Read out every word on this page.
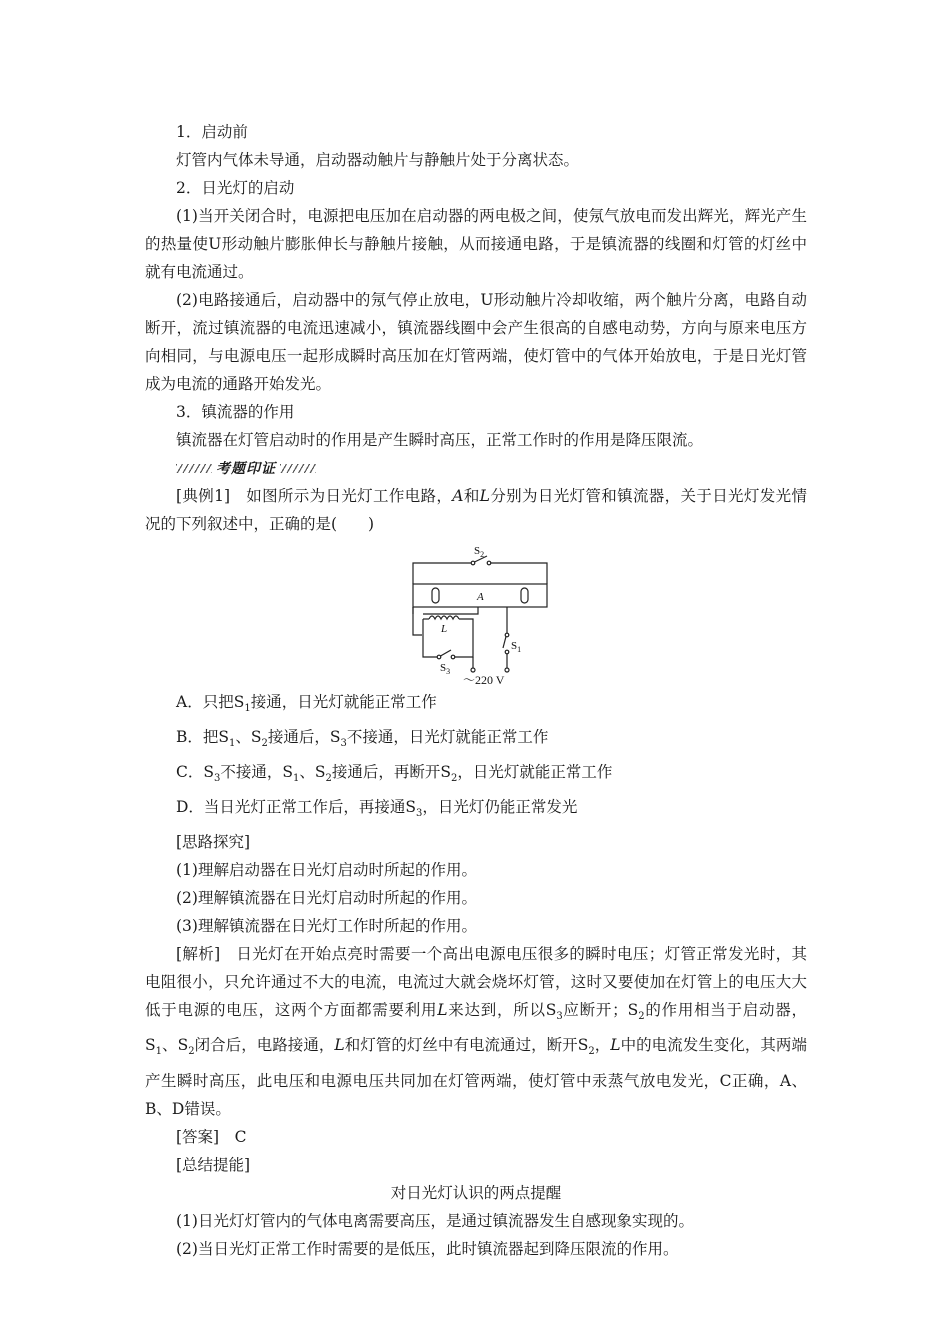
1．启动前

灯管内气体未导通，启动器动触片与静触片处于分离状态。

2．日光灯的启动

(1)当开关闭合时，电源把电压加在启动器的两电极之间，使氖气放电而发出辉光，辉光产生的热量使U形动触片膨胀伸长与静触片接触，从而接通电路，于是镇流器的线圈和灯管的灯丝中就有电流通过。

(2)电路接通后，启动器中的氖气停止放电，U形动触片冷却收缩，两个触片分离，电路自动断开，流过镇流器的电流迅速减小，镇流器线圈中会产生很高的自感电动势，方向与原来电压方向相同，与电源电压一起形成瞬时高压加在灯管两端，使灯管中的气体开始放电，于是日光灯管成为电流的通路开始发光。

3．镇流器的作用

镇流器在灯管启动时的作用是产生瞬时高压，正常工作时的作用是降压限流。

考题印证

[典例1]　 如图所示为日光灯工作电路，A和L分别为日光灯管和镇流器，关于日光灯发光情况的下列叙述中，正确的是(　　)

$S_2$
A
L
$S_1$
$S_3$
～220 V

A．只把$S_1$接通，日光灯就能正常工作

B．把$S_1$、$S_2$接通后，$S_3$不接通，日光灯就能正常工作

C．$S_3$不接通，$S_1$、$S_2$接通后，再断开$S_2$，日光灯就能正常工作

D．当日光灯正常工作后，再接通$S_3$，日光灯仍能正常发光

[思路探究]

(1)理解启动器在日光灯启动时所起的作用。

(2)理解镇流器在日光灯启动时所起的作用。

(3)理解镇流器在日光灯工作时所起的作用。

[解析]　 日光灯在开始点亮时需要一个高出电源电压很多的瞬时电压；灯管正常发光时，其电阻很小，只允许通过不大的电流，电流过大就会烧坏灯管，这时又要使加在灯管上的电压大大低于电源的电压，这两个方面都需要利用L来达到，所以$S_3$应断开；$S_2$的作用相当于启动器，$S_1$、$S_2$闭合后，电路接通，L和灯管的灯丝中有电流通过，断开$S_2$，L中的电流发生变化，其两端产生瞬时高压，此电压和电源电压共同加在灯管两端，使灯管中汞蒸气放电发光，C正确，A、B、D错误。

[答案]　 C

[总结提能]

对日光灯认识的两点提醒

(1)日光灯灯管内的气体电离需要高压，是通过镇流器发生自感现象实现的。

(2)当日光灯正常工作时需要的是低压，此时镇流器起到降压限流的作用。
